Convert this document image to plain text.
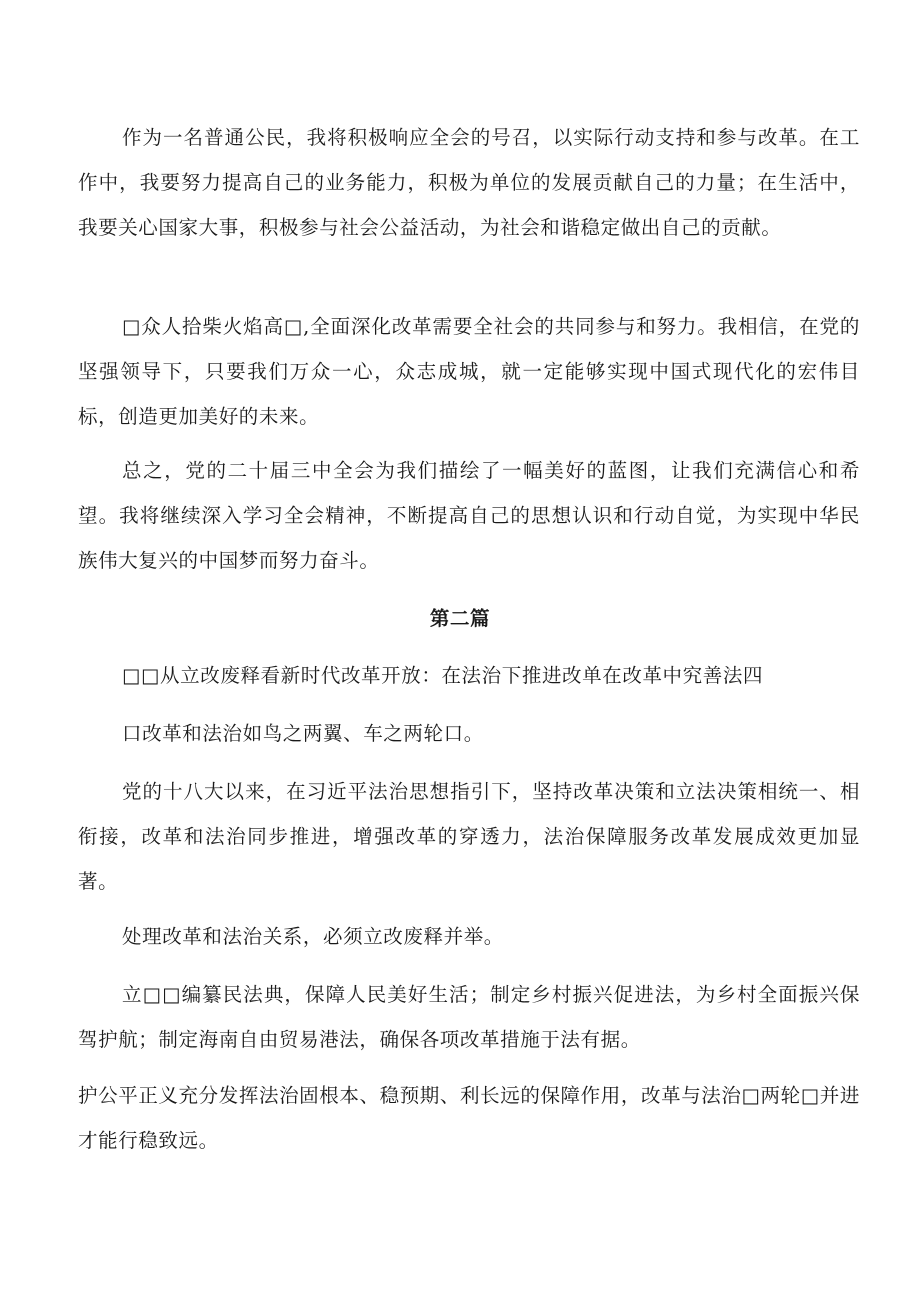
作为一名普通公民，我将积极响应全会的号召，以实际行动支持和参与改革。在工作中，我要努力提高自己的业务能力，积极为单位的发展贡献自己的力量；在生活中，我要关心国家大事，积极参与社会公益活动，为社会和谐稳定做出自己的贡献。

□众人拾柴火焰高□,全面深化改革需要全社会的共同参与和努力。我相信，在党的坚强领导下，只要我们万众一心，众志成城，就一定能够实现中国式现代化的宏伟目标，创造更加美好的未来。

总之，党的二十届三中全会为我们描绘了一幅美好的蓝图，让我们充满信心和希望。我将继续深入学习全会精神，不断提高自己的思想认识和行动自觉，为实现中华民族伟大复兴的中国梦而努力奋斗。

第二篇

□□从立改废释看新时代改革开放：在法治下推进改单在改革中究善法四

口改革和法治如鸟之两翼、车之两轮口。

党的十八大以来，在习近平法治思想指引下，坚持改革决策和立法决策相统一、相衔接，改革和法治同步推进，增强改革的穿透力，法治保障服务改革发展成效更加显著。

处理改革和法治关系，必须立改废释并举。

立□□编纂民法典，保障人民美好生活；制定乡村振兴促进法，为乡村全面振兴保驾护航；制定海南自由贸易港法，确保各项改革措施于法有据。

护公平正义充分发挥法治固根本、稳预期、利长远的保障作用，改革与法治□两轮□并进才能行稳致远。
